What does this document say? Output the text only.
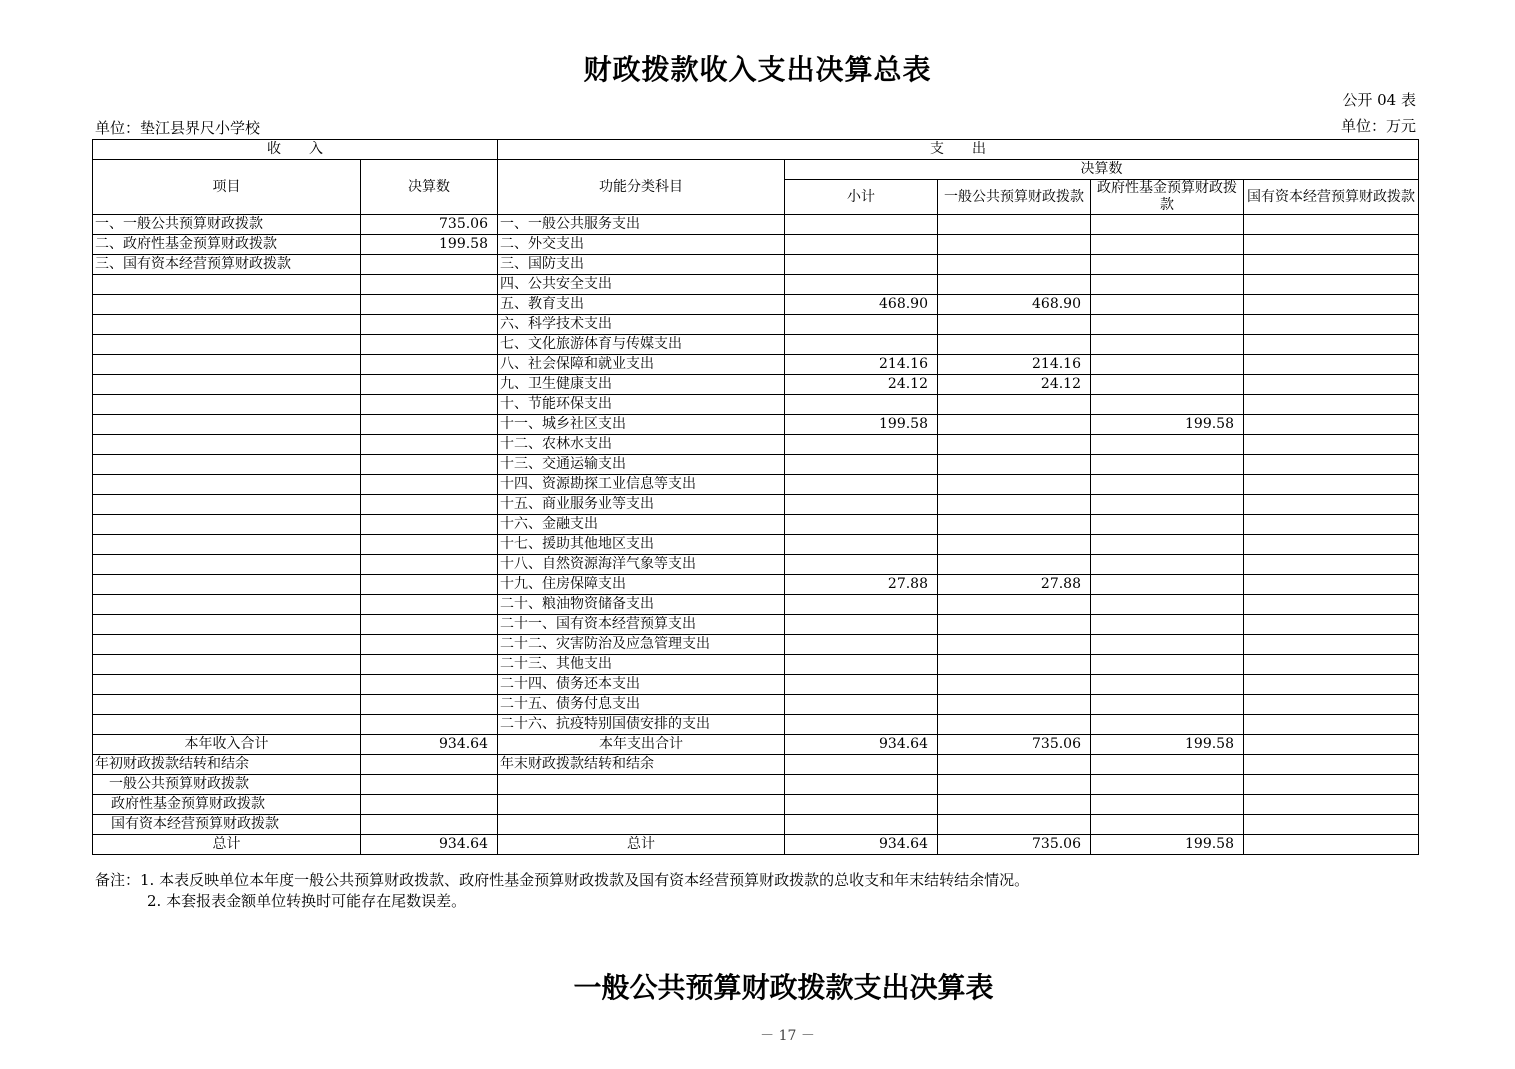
财政拨款收入支出决算总表
公开 04 表
单位：垫江县界尺小学校	单位：万元
收　　入		支　　出				
项目	决算数	功能分类科目	决算数			
			小计	一般公共预算财政拨款	政府性基金预算财政拨款	国有资本经营预算财政拨款

一、一般公共预算财政拨款	735.06	一、一般公共服务支出				
二、政府性基金预算财政拨款	199.58	二、外交支出				
三、国有资本经营预算财政拨款		三、国防支出				
		四、公共安全支出				
		五、教育支出	468.90	468.90		
		六、科学技术支出				
		七、文化旅游体育与传媒支出				
		八、社会保障和就业支出	214.16	214.16		
		九、卫生健康支出	24.12	24.12		
		十、节能环保支出				
		十一、城乡社区支出	199.58		199.58	
		十二、农林水支出				
		十三、交通运输支出				
		十四、资源勘探工业信息等支出				
		十五、商业服务业等支出				
		十六、金融支出				
		十七、援助其他地区支出				
		十八、自然资源海洋气象等支出				
		十九、住房保障支出	27.88	27.88		
		二十、粮油物资储备支出				
		二十一、国有资本经营预算支出				
		二十二、灾害防治及应急管理支出				
		二十三、其他支出				
		二十四、债务还本支出				
		二十五、债务付息支出				
		二十六、抗疫特别国债安排的支出				
本年收入合计	934.64	本年支出合计	934.64	735.06	199.58	
年初财政拨款结转和结余		年末财政拨款结转和结余				
一般公共预算财政拨款						
政府性基金预算财政拨款						
国有资本经营预算财政拨款						
总计	934.64	总计	934.64	735.06	199.58	
备注：1. 本表反映单位本年度一般公共预算财政拨款、政府性基金预算财政拨款及国有资本经营预算财政拨款的总收支和年末结转结余情况。
2. 本套报表金额单位转换时可能存在尾数误差。
一般公共预算财政拨款支出决算表
－ 17 －
